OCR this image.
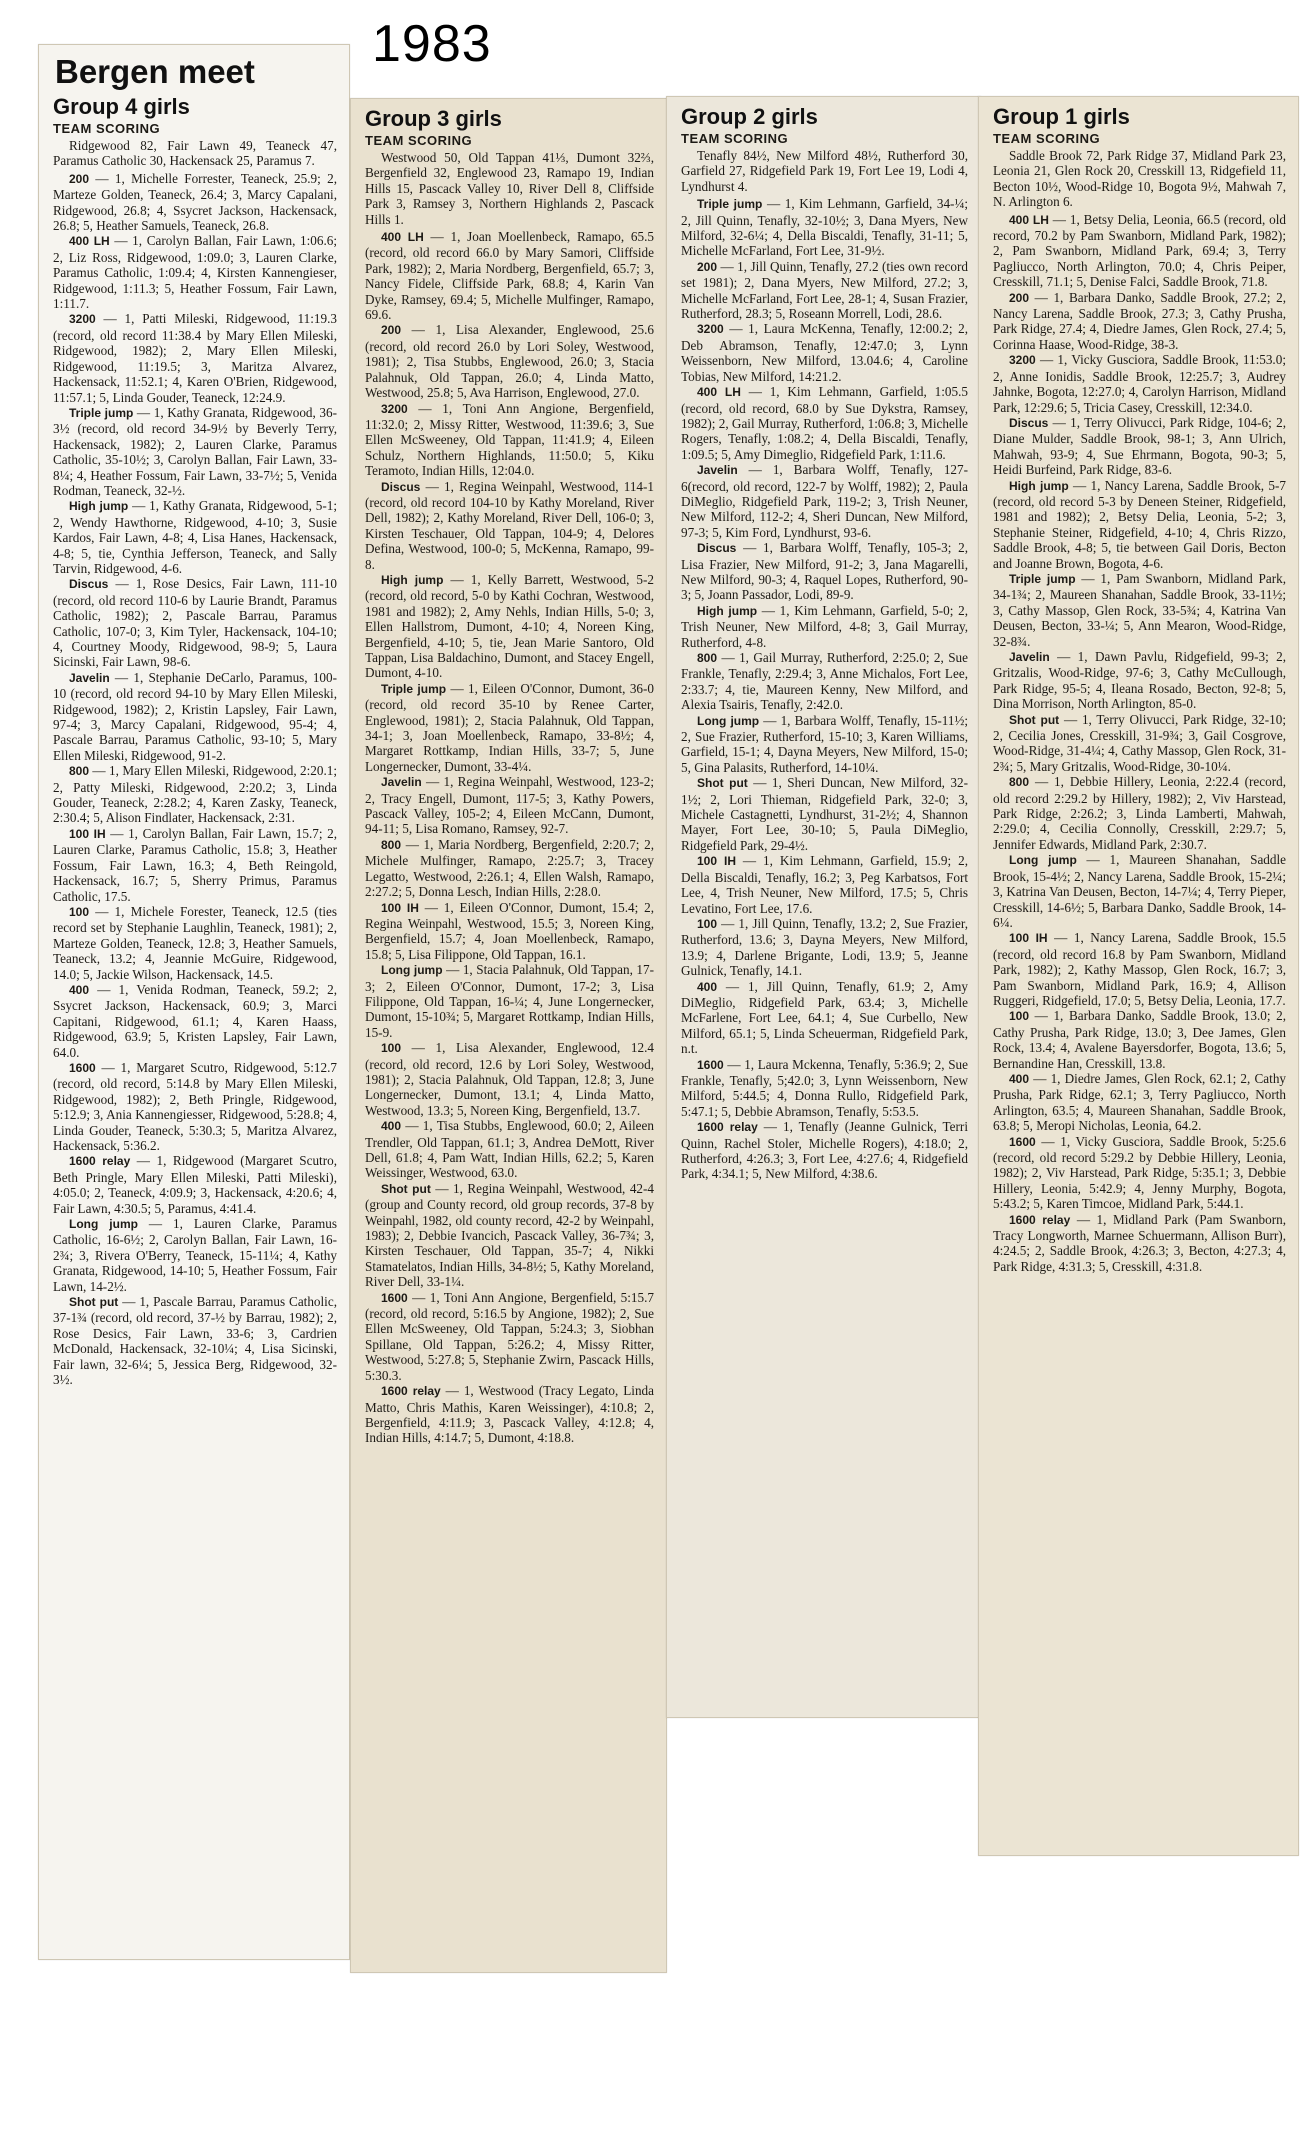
1983
Bergen meet
Group 4 girls
TEAM SCORING

Ridgewood 82, Fair Lawn 49, Teaneck 47, Paramus Catholic 30, Hackensack 25, Paramus 7.

200 — 1, Michelle Forrester, Teaneck, 25.9; 2, Marteze Golden, Teaneck, 26.4; 3, Marcy Capalani, Ridgewood, 26.8; 4, Ssycret Jackson, Hackensack, 26.8; 5, Heather Samuels, Teaneck, 26.8.
400 LH — 1, Carolyn Ballan, Fair Lawn, 1:06.6; 2, Liz Ross, Ridgewood, 1:09.0; 3, Lauren Clarke, Paramus Catholic, 1:09.4; 4, Kirsten Kannengieser, Ridgewood, 1:11.3; 5, Heather Fossum, Fair Lawn, 1:11.7.
3200 — 1, Patti Mileski, Ridgewood, 11:19.3 (record, old record 11:38.4 by Mary Ellen Mileski, Ridgewood, 1982); 2, Mary Ellen Mileski, Ridgewood, 11:19.5; 3, Maritza Alvarez, Hackensack, 11:52.1; 4, Karen O'Brien, Ridgewood, 11:57.1; 5, Linda Gouder, Teaneck, 12:24.9.
Triple jump — 1, Kathy Granata, Ridgewood, 36-3½ (record, old record 34-9½ by Beverly Terry, Hackensack, 1982); 2, Lauren Clarke, Paramus Catholic, 35-10½; 3, Carolyn Ballan, Fair Lawn, 33-8¼; 4, Heather Fossum, Fair Lawn, 33-7½; 5, Venida Rodman, Teaneck, 32-½.
High jump — 1, Kathy Granata, Ridgewood, 5-1; 2, Wendy Hawthorne, Ridgewood, 4-10; 3, Susie Kardos, Fair Lawn, 4-8; 4, Lisa Hanes, Hackensack, 4-8; 5, tie, Cynthia Jefferson, Teaneck, and Sally Tarvin, Ridgewood, 4-6.
Discus — 1, Rose Desics, Fair Lawn, 111-10 (record, old record 110-6 by Laurie Brandt, Paramus Catholic, 1982); 2, Pascale Barrau, Paramus Catholic, 107-0; 3, Kim Tyler, Hackensack, 104-10; 4, Courtney Moody, Ridgewood, 98-9; 5, Laura Sicinski, Fair Lawn, 98-6.
Javelin — 1, Stephanie DeCarlo, Paramus, 100-10 (record, old record 94-10 by Mary Ellen Mileski, Ridgewood, 1982); 2, Kristin Lapsley, Fair Lawn, 97-4; 3, Marcy Capalani, Ridgewood, 95-4; 4, Pascale Barrau, Paramus Catholic, 93-10; 5, Mary Ellen Mileski, Ridgewood, 91-2.
800 — 1, Mary Ellen Mileski, Ridgewood, 2:20.1; 2, Patty Mileski, Ridgewood, 2:20.2; 3, Linda Gouder, Teaneck, 2:28.2; 4, Karen Zasky, Teaneck, 2:30.4; 5, Alison Findlater, Hackensack, 2:31.
100 IH — 1, Carolyn Ballan, Fair Lawn, 15.7; 2, Lauren Clarke, Paramus Catholic, 15.8; 3, Heather Fossum, Fair Lawn, 16.3; 4, Beth Reingold, Hackensack, 16.7; 5, Sherry Primus, Paramus Catholic, 17.5.
100 — 1, Michele Forester, Teaneck, 12.5 (ties record set by Stephanie Laughlin, Teaneck, 1981); 2, Marteze Golden, Teaneck, 12.8; 3, Heather Samuels, Teaneck, 13.2; 4, Jeannie McGuire, Ridgewood, 14.0; 5, Jackie Wilson, Hackensack, 14.5.
400 — 1, Venida Rodman, Teaneck, 59.2; 2, Ssycret Jackson, Hackensack, 60.9; 3, Marci Capitani, Ridgewood, 61.1; 4, Karen Haass, Ridgewood, 63.9; 5, Kristen Lapsley, Fair Lawn, 64.0.
1600 — 1, Margaret Scutro, Ridgewood, 5:12.7 (record, old record, 5:14.8 by Mary Ellen Mileski, Ridgewood, 1982); 2, Beth Pringle, Ridgewood, 5:12.9; 3, Ania Kannengiesser, Ridgewood, 5:28.8; 4, Linda Gouder, Teaneck, 5:30.3; 5, Maritza Alvarez, Hackensack, 5:36.2.
1600 relay — 1, Ridgewood (Margaret Scutro, Beth Pringle, Mary Ellen Mileski, Patti Mileski), 4:05.0; 2, Teaneck, 4:09.9; 3, Hackensack, 4:20.6; 4, Fair Lawn, 4:30.5; 5, Paramus, 4:41.4.
Long jump — 1, Lauren Clarke, Paramus Catholic, 16-6½; 2, Carolyn Ballan, Fair Lawn, 16-2¾; 3, Rivera O'Berry, Teaneck, 15-11¼; 4, Kathy Granata, Ridgewood, 14-10; 5, Heather Fossum, Fair Lawn, 14-2½.
Shot put — 1, Pascale Barrau, Paramus Catholic, 37-1¾ (record, old record, 37-½ by Barrau, 1982); 2, Rose Desics, Fair Lawn, 33-6; 3, Cardrien McDonald, Hackensack, 32-10¼; 4, Lisa Sicinski, Fair lawn, 32-6¼; 5, Jessica Berg, Ridgewood, 32-3½.
Group 3 girls
TEAM SCORING

Westwood 50, Old Tappan 41⅓, Dumont 32⅔, Bergenfield 32, Englewood 23, Ramapo 19, Indian Hills 15, Pascack Valley 10, River Dell 8, Cliffside Park 3, Ramsey 3, Northern Highlands 2, Pascack Hills 1.

400 LH — 1, Joan Moellenbeck, Ramapo, 65.5 (record, old record 66.0 by Mary Samori, Cliffside Park, 1982); 2, Maria Nordberg, Bergenfield, 65.7; 3, Nancy Fidele, Cliffside Park, 68.8; 4, Karin Van Dyke, Ramsey, 69.4; 5, Michelle Mulfinger, Ramapo, 69.6.
200 — 1, Lisa Alexander, Englewood, 25.6 (record, old record 26.0 by Lori Soley, Westwood, 1981); 2, Tisa Stubbs, Englewood, 26.0; 3, Stacia Palahnuk, Old Tappan, 26.0; 4, Linda Matto, Westwood, 25.8; 5, Ava Harrison, Englewood, 27.0.
3200 — 1, Toni Ann Angione, Bergenfield, 11:32.0; 2, Missy Ritter, Westwood, 11:39.6; 3, Sue Ellen McSweeney, Old Tappan, 11:41.9; 4, Eileen Schulz, Northern Highlands, 11:50.0; 5, Kiku Teramoto, Indian Hills, 12:04.0.
Discus — 1, Regina Weinpahl, Westwood, 114-1 (record, old record 104-10 by Kathy Moreland, River Dell, 1982); 2, Kathy Moreland, River Dell, 106-0; 3, Kirsten Teschauer, Old Tappan, 104-9; 4, Delores Defina, Westwood, 100-0; 5, McKenna, Ramapo, 99-8.
High jump — 1, Kelly Barrett, Westwood, 5-2 (record, old record, 5-0 by Kathi Cochran, Westwood, 1981 and 1982); 2, Amy Nehls, Indian Hills, 5-0; 3, Ellen Hallstrom, Dumont, 4-10; 4, Noreen King, Bergenfield, 4-10; 5, tie, Jean Marie Santoro, Old Tappan, Lisa Baldachino, Dumont, and Stacey Engell, Dumont, 4-10.
Triple jump — 1, Eileen O'Connor, Dumont, 36-0 (record, old record 35-10 by Renee Carter, Englewood, 1981); 2, Stacia Palahnuk, Old Tappan, 34-1; 3, Joan Moellenbeck, Ramapo, 33-8½; 4, Margaret Rottkamp, Indian Hills, 33-7; 5, June Longernecker, Dumont, 33-4¼.
Javelin — 1, Regina Weinpahl, Westwood, 123-2; 2, Tracy Engell, Dumont, 117-5; 3, Kathy Powers, Pascack Valley, 105-2; 4, Eileen McCann, Dumont, 94-11; 5, Lisa Romano, Ramsey, 92-7.
800 — 1, Maria Nordberg, Bergenfield, 2:20.7; 2, Michele Mulfinger, Ramapo, 2:25.7; 3, Tracey Legatto, Westwood, 2:26.1; 4, Ellen Walsh, Ramapo, 2:27.2; 5, Donna Lesch, Indian Hills, 2:28.0.
100 IH — 1, Eileen O'Connor, Dumont, 15.4; 2, Regina Weinpahl, Westwood, 15.5; 3, Noreen King, Bergenfield, 15.7; 4, Joan Moellenbeck, Ramapo, 15.8; 5, Lisa Filippone, Old Tappan, 16.1.
Long jump — 1, Stacia Palahnuk, Old Tappan, 17-3; 2, Eileen O'Connor, Dumont, 17-2; 3, Lisa Filippone, Old Tappan, 16-¼; 4, June Longernecker, Dumont, 15-10¾; 5, Margaret Rottkamp, Indian Hills, 15-9.
100 — 1, Lisa Alexander, Englewood, 12.4 (record, old record, 12.6 by Lori Soley, Westwood, 1981); 2, Stacia Palahnuk, Old Tappan, 12.8; 3, June Longernecker, Dumont, 13.1; 4, Linda Matto, Westwood, 13.3; 5, Noreen King, Bergenfield, 13.7.
400 — 1, Tisa Stubbs, Englewood, 60.0; 2, Aileen Trendler, Old Tappan, 61.1; 3, Andrea DeMott, River Dell, 61.8; 4, Pam Watt, Indian Hills, 62.2; 5, Karen Weissinger, Westwood, 63.0.
Shot put — 1, Regina Weinpahl, Westwood, 42-4 (group and County record, old group records, 37-8 by Weinpahl, 1982, old county record, 42-2 by Weinpahl, 1983); 2, Debbie Ivancich, Pascack Valley, 36-7¾; 3, Kirsten Teschauer, Old Tappan, 35-7; 4, Nikki Stamatelatos, Indian Hills, 34-8½; 5, Kathy Moreland, River Dell, 33-1¼.
1600 — 1, Toni Ann Angione, Bergenfield, 5:15.7 (record, old record, 5:16.5 by Angione, 1982); 2, Sue Ellen McSweeney, Old Tappan, 5:24.3; 3, Siobhan Spillane, Old Tappan, 5:26.2; 4, Missy Ritter, Westwood, 5:27.8; 5, Stephanie Zwirn, Pascack Hills, 5:30.3.
1600 relay — 1, Westwood (Tracy Legato, Linda Matto, Chris Mathis, Karen Weissinger), 4:10.8; 2, Bergenfield, 4:11.9; 3, Pascack Valley, 4:12.8; 4, Indian Hills, 4:14.7; 5, Dumont, 4:18.8.
Group 2 girls
TEAM SCORING

Tenafly 84½, New Milford 48½, Rutherford 30, Garfield 27, Ridgefield Park 19, Fort Lee 19, Lodi 4, Lyndhurst 4.

Triple jump — 1, Kim Lehmann, Garfield, 34-¼; 2, Jill Quinn, Tenafly, 32-10½; 3, Dana Myers, New Milford, 32-6¼; 4, Della Biscaldi, Tenafly, 31-11; 5, Michelle McFarland, Fort Lee, 31-9½.
200 — 1, Jill Quinn, Tenafly, 27.2 (ties own record set 1981); 2, Dana Myers, New Milford, 27.2; 3, Michelle McFarland, Fort Lee, 28-1; 4, Susan Frazier, Rutherford, 28.3; 5, Roseann Morrell, Lodi, 28.6.
3200 — 1, Laura McKenna, Tenafly, 12:00.2; 2, Deb Abramson, Tenafly, 12:47.0; 3, Lynn Weissenborn, New Milford, 13.04.6; 4, Caroline Tobias, New Milford, 14:21.2.
400 LH — 1, Kim Lehmann, Garfield, 1:05.5 (record, old record, 68.0 by Sue Dykstra, Ramsey, 1982); 2, Gail Murray, Rutherford, 1:06.8; 3, Michelle Rogers, Tenafly, 1:08.2; 4, Della Biscaldi, Tenafly, 1:09.5; 5, Amy Dimeglio, Ridgefield Park, 1:11.6.
Javelin — 1, Barbara Wolff, Tenafly, 127-6(record, old record, 122-7 by Wolff, 1982); 2, Paula DiMeglio, Ridgefield Park, 119-2; 3, Trish Neuner, New Milford, 112-2; 4, Sheri Duncan, New Milford, 97-3; 5, Kim Ford, Lyndhurst, 93-6.
Discus — 1, Barbara Wolff, Tenafly, 105-3; 2, Lisa Frazier, New Milford, 91-2; 3, Jana Magarelli, New Milford, 90-3; 4, Raquel Lopes, Rutherford, 90-3; 5, Joann Passador, Lodi, 89-9.
High jump — 1, Kim Lehmann, Garfield, 5-0; 2, Trish Neuner, New Milford, 4-8; 3, Gail Murray, Rutherford, 4-8.
800 — 1, Gail Murray, Rutherford, 2:25.0; 2, Sue Frankle, Tenafly, 2:29.4; 3, Anne Michalos, Fort Lee, 2:33.7; 4, tie, Maureen Kenny, New Milford, and Alexia Tsairis, Tenafly, 2:42.0.
Long jump — 1, Barbara Wolff, Tenafly, 15-11½; 2, Sue Frazier, Rutherford, 15-10; 3, Karen Williams, Garfield, 15-1; 4, Dayna Meyers, New Milford, 15-0; 5, Gina Palasits, Rutherford, 14-10¼.
Shot put — 1, Sheri Duncan, New Milford, 32-1½; 2, Lori Thieman, Ridgefield Park, 32-0; 3, Michele Castagnetti, Lyndhurst, 31-2½; 4, Shannon Mayer, Fort Lee, 30-10; 5, Paula DiMeglio, Ridgefield Park, 29-4½.
100 IH — 1, Kim Lehmann, Garfield, 15.9; 2, Della Biscaldi, Tenafly, 16.2; 3, Peg Karbatsos, Fort Lee, 4, Trish Neuner, New Milford, 17.5; 5, Chris Levatino, Fort Lee, 17.6.
100 — 1, Jill Quinn, Tenafly, 13.2; 2, Sue Frazier, Rutherford, 13.6; 3, Dayna Meyers, New Milford, 13.9; 4, Darlene Brigante, Lodi, 13.9; 5, Jeanne Gulnick, Tenafly, 14.1.
400 — 1, Jill Quinn, Tenafly, 61.9; 2, Amy DiMeglio, Ridgefield Park, 63.4; 3, Michelle McFarlene, Fort Lee, 64.1; 4, Sue Curbello, New Milford, 65.1; 5, Linda Scheuerman, Ridgefield Park, n.t.
1600 — 1, Laura Mckenna, Tenafly, 5:36.9; 2, Sue Frankle, Tenafly, 5;42.0; 3, Lynn Weissenborn, New Milford, 5:44.5; 4, Donna Rullo, Ridgefield Park, 5:47.1; 5, Debbie Abramson, Tenafly, 5:53.5.
1600 relay — 1, Tenafly (Jeanne Gulnick, Terri Quinn, Rachel Stoler, Michelle Rogers), 4:18.0; 2, Rutherford, 4:26.3; 3, Fort Lee, 4:27.6; 4, Ridgefield Park, 4:34.1; 5, New Milford, 4:38.6.
Group 1 girls
TEAM SCORING

Saddle Brook 72, Park Ridge 37, Midland Park 23, Leonia 21, Glen Rock 20, Cresskill 13, Ridgefield 11, Becton 10½, Wood-Ridge 10, Bogota 9½, Mahwah 7, N. Arlington 6.

400 LH — 1, Betsy Delia, Leonia, 66.5 (record, old record, 70.2 by Pam Swanborn, Midland Park, 1982); 2, Pam Swanborn, Midland Park, 69.4; 3, Terry Pagliucco, North Arlington, 70.0; 4, Chris Peiper, Cresskill, 71.1; 5, Denise Falci, Saddle Brook, 71.8.
200 — 1, Barbara Danko, Saddle Brook, 27.2; 2, Nancy Larena, Saddle Brook, 27.3; 3, Cathy Prusha, Park Ridge, 27.4; 4, Diedre James, Glen Rock, 27.4; 5, Corinna Haase, Wood-Ridge, 38-3.
3200 — 1, Vicky Gusciora, Saddle Brook, 11:53.0; 2, Anne Ionidis, Saddle Brook, 12:25.7; 3, Audrey Jahnke, Bogota, 12:27.0; 4, Carolyn Harrison, Midland Park, 12:29.6; 5, Tricia Casey, Cresskill, 12:34.0.
Discus — 1, Terry Olivucci, Park Ridge, 104-6; 2, Diane Mulder, Saddle Brook, 98-1; 3, Ann Ulrich, Mahwah, 93-9; 4, Sue Ehrmann, Bogota, 90-3; 5, Heidi Burfeind, Park Ridge, 83-6.
High jump — 1, Nancy Larena, Saddle Brook, 5-7 (record, old record 5-3 by Deneen Steiner, Ridgefield, 1981 and 1982); 2, Betsy Delia, Leonia, 5-2; 3, Stephanie Steiner, Ridgefield, 4-10; 4, Chris Rizzo, Saddle Brook, 4-8; 5, tie between Gail Doris, Becton and Joanne Brown, Bogota, 4-6.
Triple jump — 1, Pam Swanborn, Midland Park, 34-1¾; 2, Maureen Shanahan, Saddle Brook, 33-11½; 3, Cathy Massop, Glen Rock, 33-5¾; 4, Katrina Van Deusen, Becton, 33-¼; 5, Ann Mearon, Wood-Ridge, 32-8¾.
Javelin — 1, Dawn Pavlu, Ridgefield, 99-3; 2, Gritzalis, Wood-Ridge, 97-6; 3, Cathy McCullough, Park Ridge, 95-5; 4, Ileana Rosado, Becton, 92-8; 5, Dina Morrison, North Arlington, 85-0.
Shot put — 1, Terry Olivucci, Park Ridge, 32-10; 2, Cecilia Jones, Cresskill, 31-9¾; 3, Gail Cosgrove, Wood-Ridge, 31-4¼; 4, Cathy Massop, Glen Rock, 31-2¾; 5, Mary Gritzalis, Wood-Ridge, 30-10¼.
800 — 1, Debbie Hillery, Leonia, 2:22.4 (record, old record 2:29.2 by Hillery, 1982); 2, Viv Harstead, Park Ridge, 2:26.2; 3, Linda Lamberti, Mahwah, 2:29.0; 4, Cecilia Connolly, Cresskill, 2:29.7; 5, Jennifer Edwards, Midland Park, 2:30.7.
Long jump — 1, Maureen Shanahan, Saddle Brook, 15-4½; 2, Nancy Larena, Saddle Brook, 15-2¼; 3, Katrina Van Deusen, Becton, 14-7¼; 4, Terry Pieper, Cresskill, 14-6½; 5, Barbara Danko, Saddle Brook, 14-6¼.
100 IH — 1, Nancy Larena, Saddle Brook, 15.5 (record, old record 16.8 by Pam Swanborn, Midland Park, 1982); 2, Kathy Massop, Glen Rock, 16.7; 3, Pam Swanborn, Midland Park, 16.9; 4, Allison Ruggeri, Ridgefield, 17.0; 5, Betsy Delia, Leonia, 17.7.
100 — 1, Barbara Danko, Saddle Brook, 13.0; 2, Cathy Prusha, Park Ridge, 13.0; 3, Dee James, Glen Rock, 13.4; 4, Avalene Bayersdorfer, Bogota, 13.6; 5, Bernandine Han, Cresskill, 13.8.
400 — 1, Diedre James, Glen Rock, 62.1; 2, Cathy Prusha, Park Ridge, 62.1; 3, Terry Pagliucco, North Arlington, 63.5; 4, Maureen Shanahan, Saddle Brook, 63.8; 5, Meropi Nicholas, Leonia, 64.2.
1600 — 1, Vicky Gusciora, Saddle Brook, 5:25.6 (record, old record 5:29.2 by Debbie Hillery, Leonia, 1982); 2, Viv Harstead, Park Ridge, 5:35.1; 3, Debbie Hillery, Leonia, 5:42.9; 4, Jenny Murphy, Bogota, 5:43.2; 5, Karen Timcoe, Midland Park, 5:44.1.
1600 relay — 1, Midland Park (Pam Swanborn, Tracy Longworth, Marnee Schuermann, Allison Burr), 4:24.5; 2, Saddle Brook, 4:26.3; 3, Becton, 4:27.3; 4, Park Ridge, 4:31.3; 5, Cresskill, 4:31.8.
